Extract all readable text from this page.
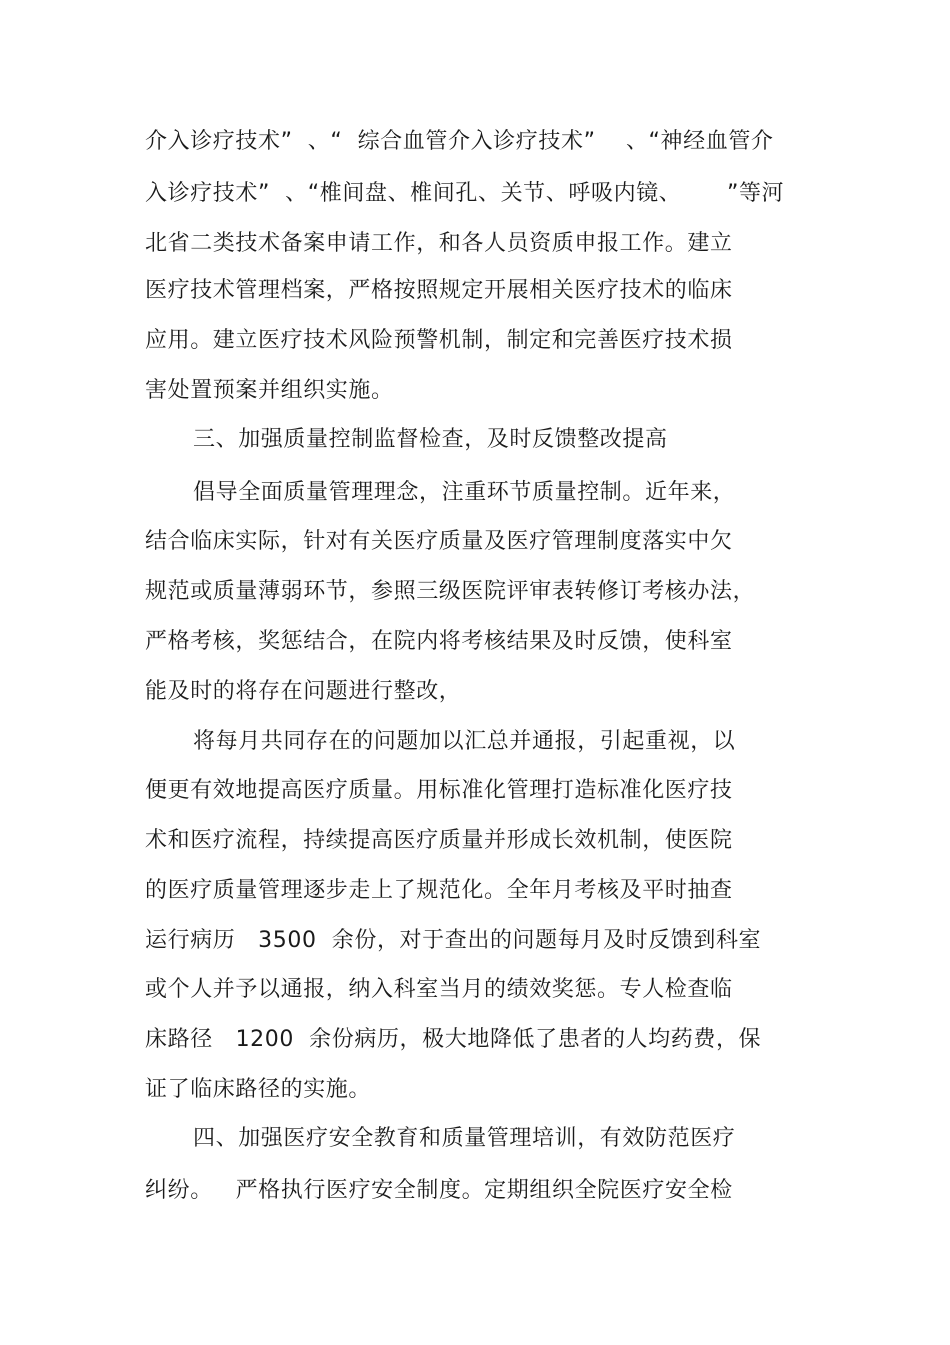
介入诊疗技术”  、“  综合血管介入诊疗技术”    、“神经血管介
入诊疗技术”  、“椎间盘、椎间孔、关节、呼吸内镜、      ”等河
北省二类技术备案申请工作，和各人员资质申报工作。建立
医疗技术管理档案，严格按照规定开展相关医疗技术的临床
应用。建立医疗技术风险预警机制，制定和完善医疗技术损
害处置预案并组织实施。
三、加强质量控制监督检查，及时反馈整改提高
倡导全面质量管理理念，注重环节质量控制。近年来，
结合临床实际，针对有关医疗质量及医疗管理制度落实中欠
规范或质量薄弱环节，参照三级医院评审表转修订考核办法，
严格考核，奖惩结合，在院内将考核结果及时反馈，使科室
能及时的将存在问题进行整改，
将每月共同存在的问题加以汇总并通报，引起重视，以
便更有效地提高医疗质量。用标准化管理打造标准化医疗技
术和医疗流程，持续提高医疗质量并形成长效机制，使医院
的医疗质量管理逐步走上了规范化。全年月考核及平时抽查
运行病历   3500  余份，对于查出的问题每月及时反馈到科室
或个人并予以通报，纳入科室当月的绩效奖惩。专人检查临
床路径   1200  余份病历，极大地降低了患者的人均药费，保
证了临床路径的实施。
四、加强医疗安全教育和质量管理培训，有效防范医疗
纠纷。   严格执行医疗安全制度。定期组织全院医疗安全检
